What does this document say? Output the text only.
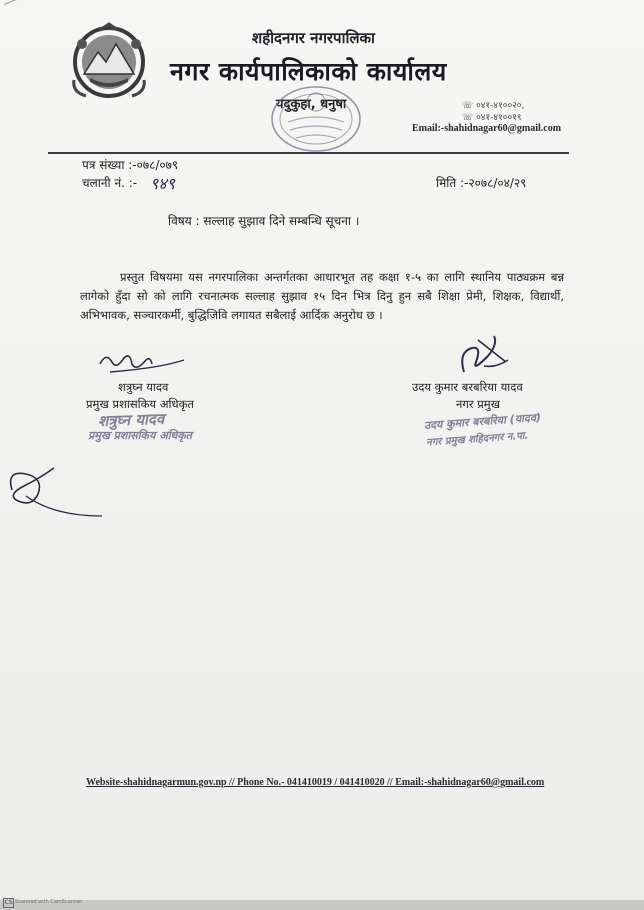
शहीदनगर नगरपालिका
नगर कार्यपालिकाको कार्यालय
यदुकुहा, धनुषा	☏ ०४१-४१००२०,
☏ ०४१-४१००१९
Email:-shahidnagar60@gmail.com
पत्र संख्या :-०७८/०७९
चलानी नं. :- ९४९	मिति :-२०७८/०४/२९
विषय : सल्लाह सुझाव दिने सम्बन्धि सूचना ।
प्रस्तुत विषयमा यस नगरपालिका अन्तर्गतका आधारभूत तह कक्षा १-५ का लागि स्थानिय पाठ्यक्रम बन्न लागेको हुँदा सो को लागि रचनात्मक सल्लाह सुझाव १५ दिन भित्र दिनु हुन सबै शिक्षा प्रेमी, शिक्षक, विद्यार्थी, अभिभावक, सञ्चारकर्मी, बुद्धिजिवि लगायत सबैलाई आर्दिक अनुरोध छ ।
शत्रुघ्न यादव
प्रमुख प्रशासकिय अधिकृत
शत्रुघ्न यादव
प्रमुख प्रशासकिय अधिकृत
उदय कुमार बरबरिया यादव
नगर प्रमुख
उदय कुमार बरबरिया (यादव)
नगर प्रमुख शहिदनगर न.पा.
Website-shahidnagarmun.gov.np // Phone No.- 041410019 / 041410020 // Email:-shahidnagar60@gmail.com
CS Scanned with CamScanner
